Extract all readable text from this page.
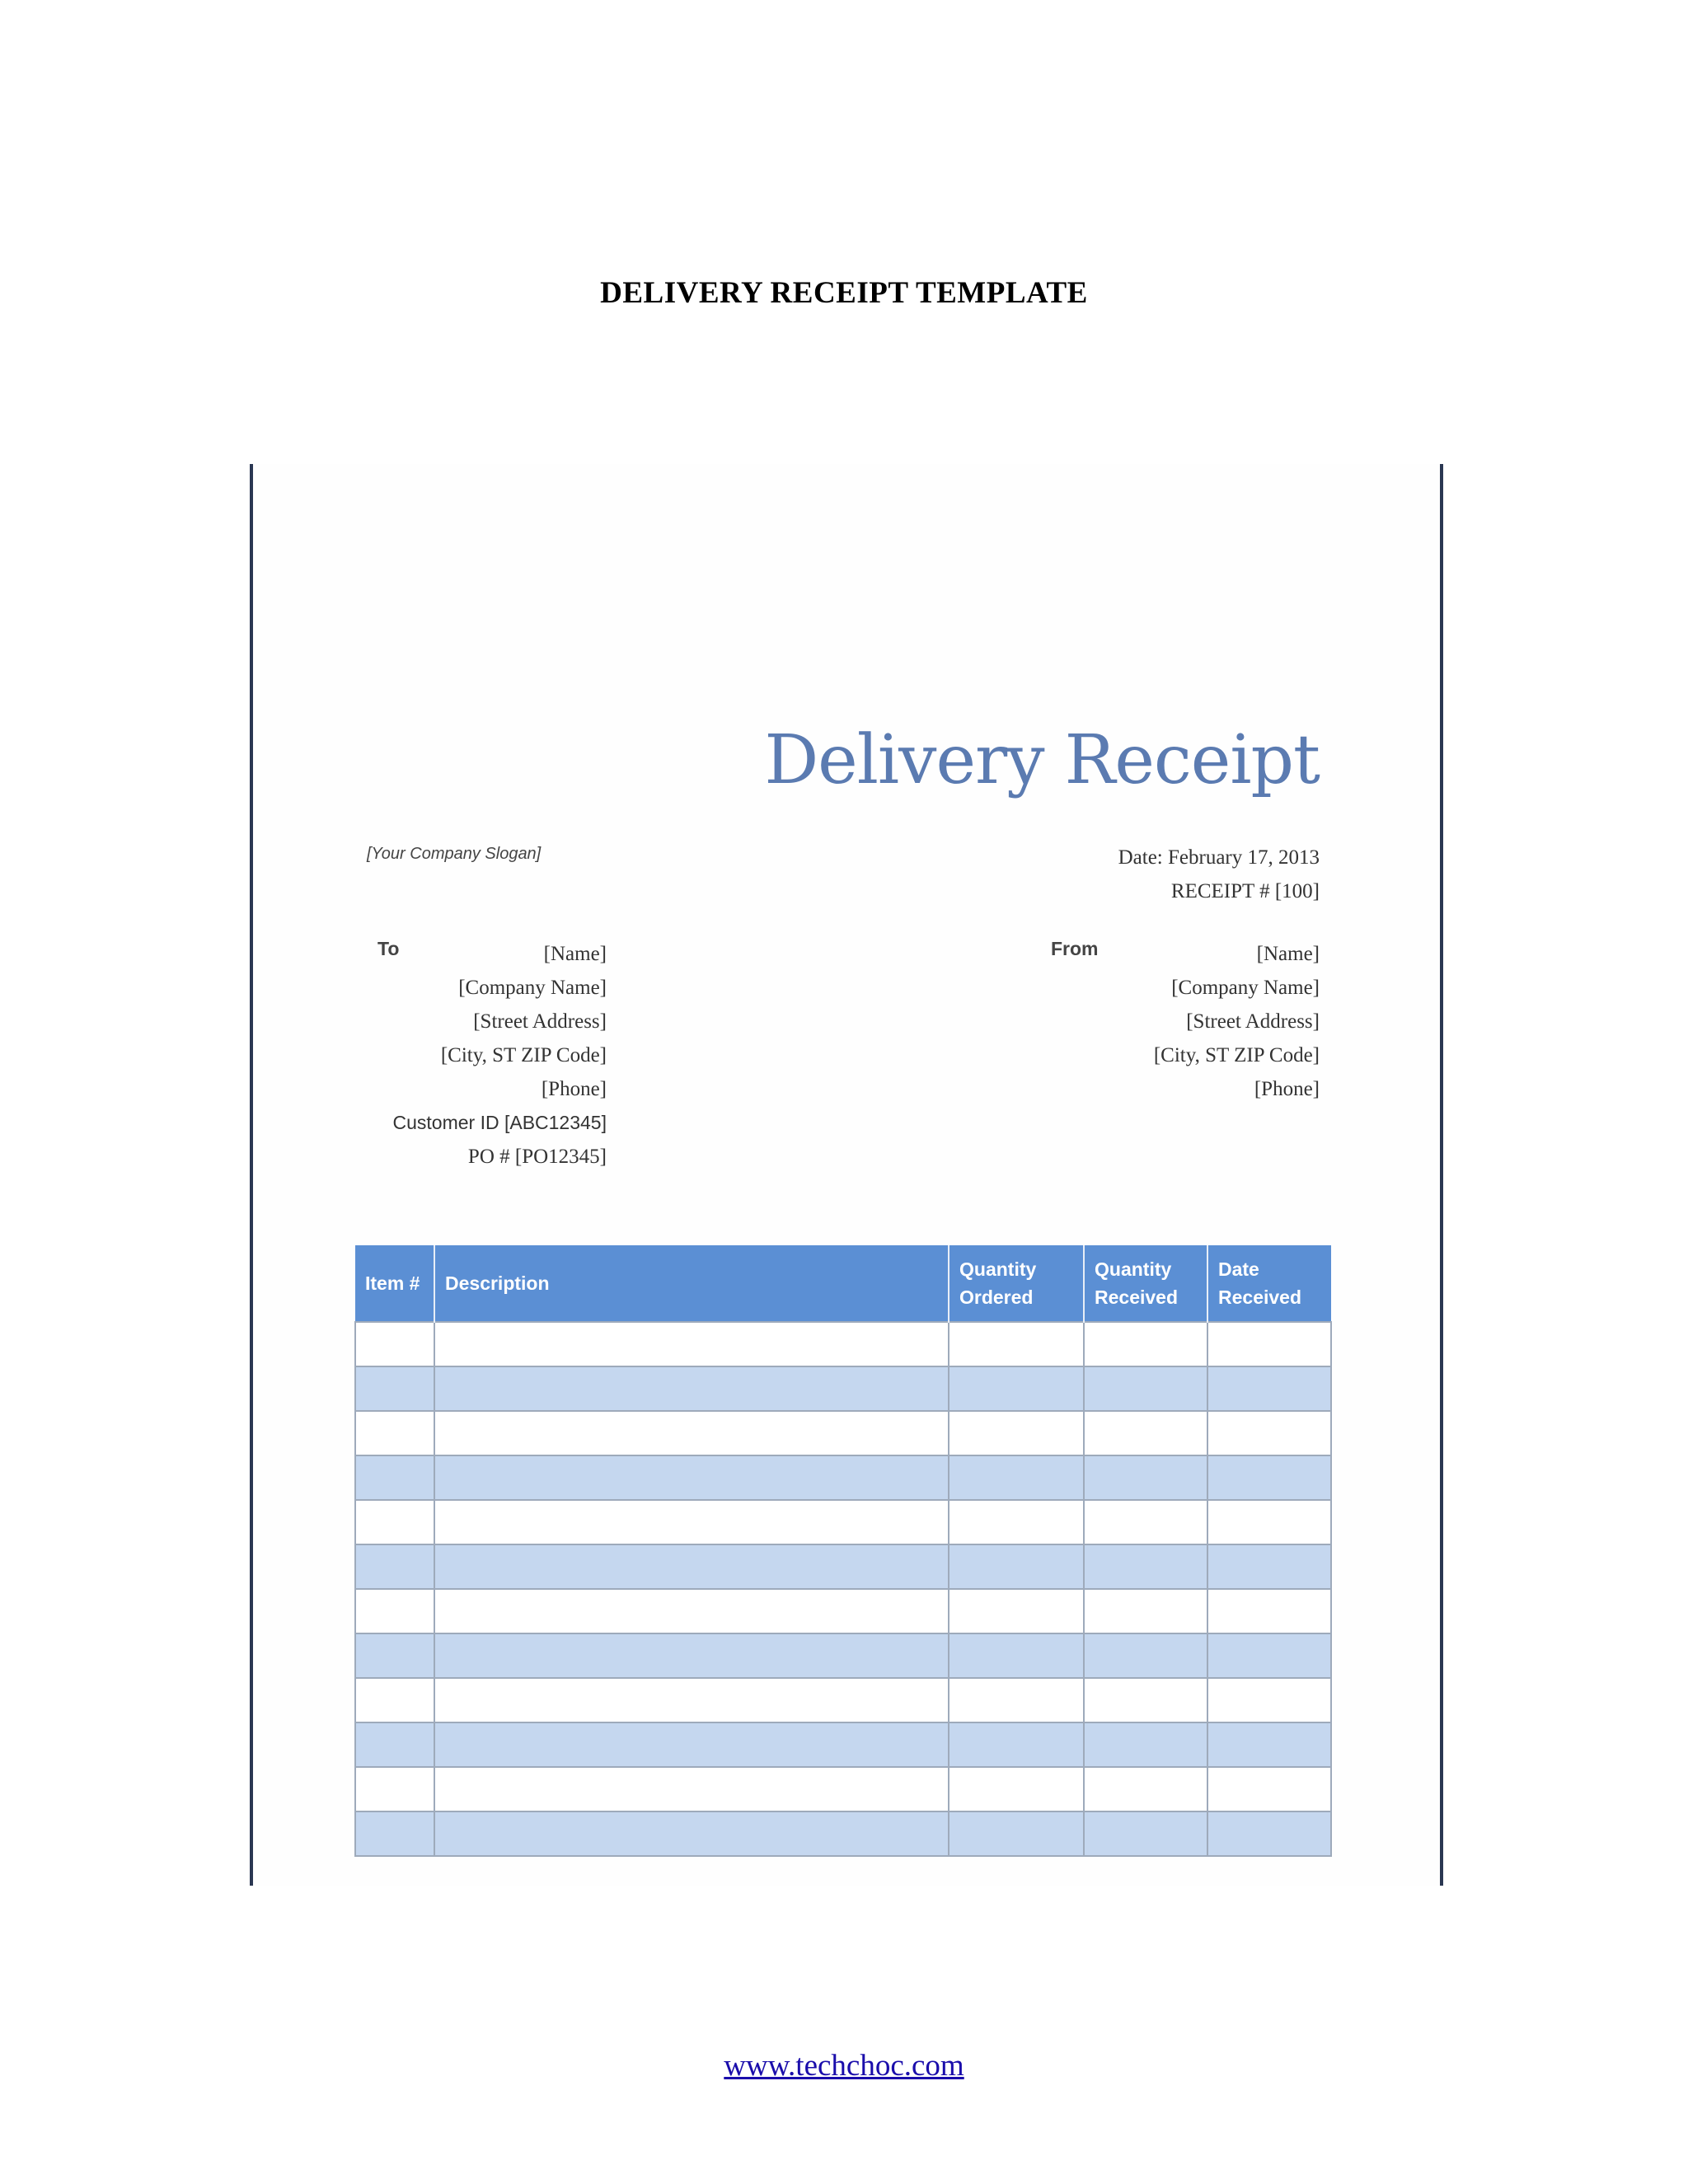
DELIVERY RECEIPT TEMPLATE
Delivery Receipt
[Your Company Slogan]	Date: February 17, 2013
RECEIPT # [100]
To	[Name]
[Company Name]
[Street Address]
[City, ST ZIP Code]
[Phone]
Customer ID [ABC12345]
PO # [PO12345]
From	[Name]
[Company Name]
[Street Address]
[City, ST ZIP Code]
[Phone]
Item #	Description	Quantity Ordered	Quantity Received	Date Received

www.techchoc.com
